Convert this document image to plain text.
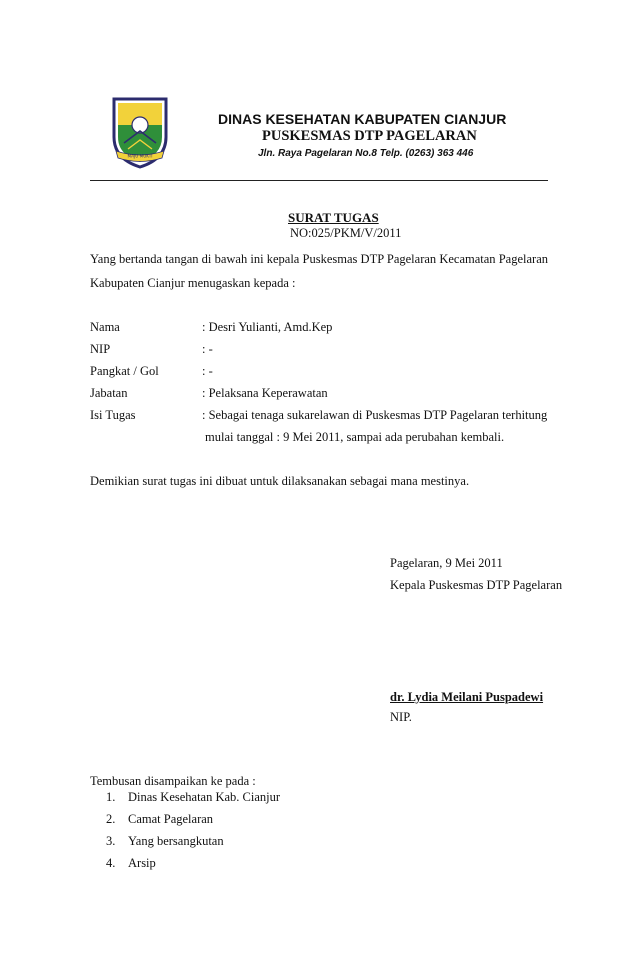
MAJU MUKTI
DINAS KESEHATAN KABUPATEN CIANJUR
PUSKESMAS DTP PAGELARAN
Jln. Raya Pagelaran No.8 Telp. (0263) 363 446
SURAT TUGAS
NO:025/PKM/V/2011
Yang bertanda tangan di bawah ini kepala Puskesmas DTP Pagelaran Kecamatan Pagelaran
Kabupaten Cianjur menugaskan kepada :
Nama	: Desri Yulianti, Amd.Kep
NIP	: -
Pangkat / Gol	: -
Jabatan	: Pelaksana Keperawatan
Isi Tugas	: Sebagai tenaga sukarelawan di Puskesmas DTP Pagelaran terhitung
mulai tanggal : 9 Mei 2011, sampai ada perubahan kembali.
Demikian surat tugas ini dibuat untuk dilaksanakan sebagai mana mestinya.
Pagelaran, 9 Mei 2011
Kepala Puskesmas DTP Pagelaran
dr. Lydia Meilani Puspadewi
NIP.
Tembusan disampaikan ke pada :
1. Dinas Kesehatan Kab. Cianjur
2. Camat Pagelaran
3. Yang bersangkutan
4. Arsip
